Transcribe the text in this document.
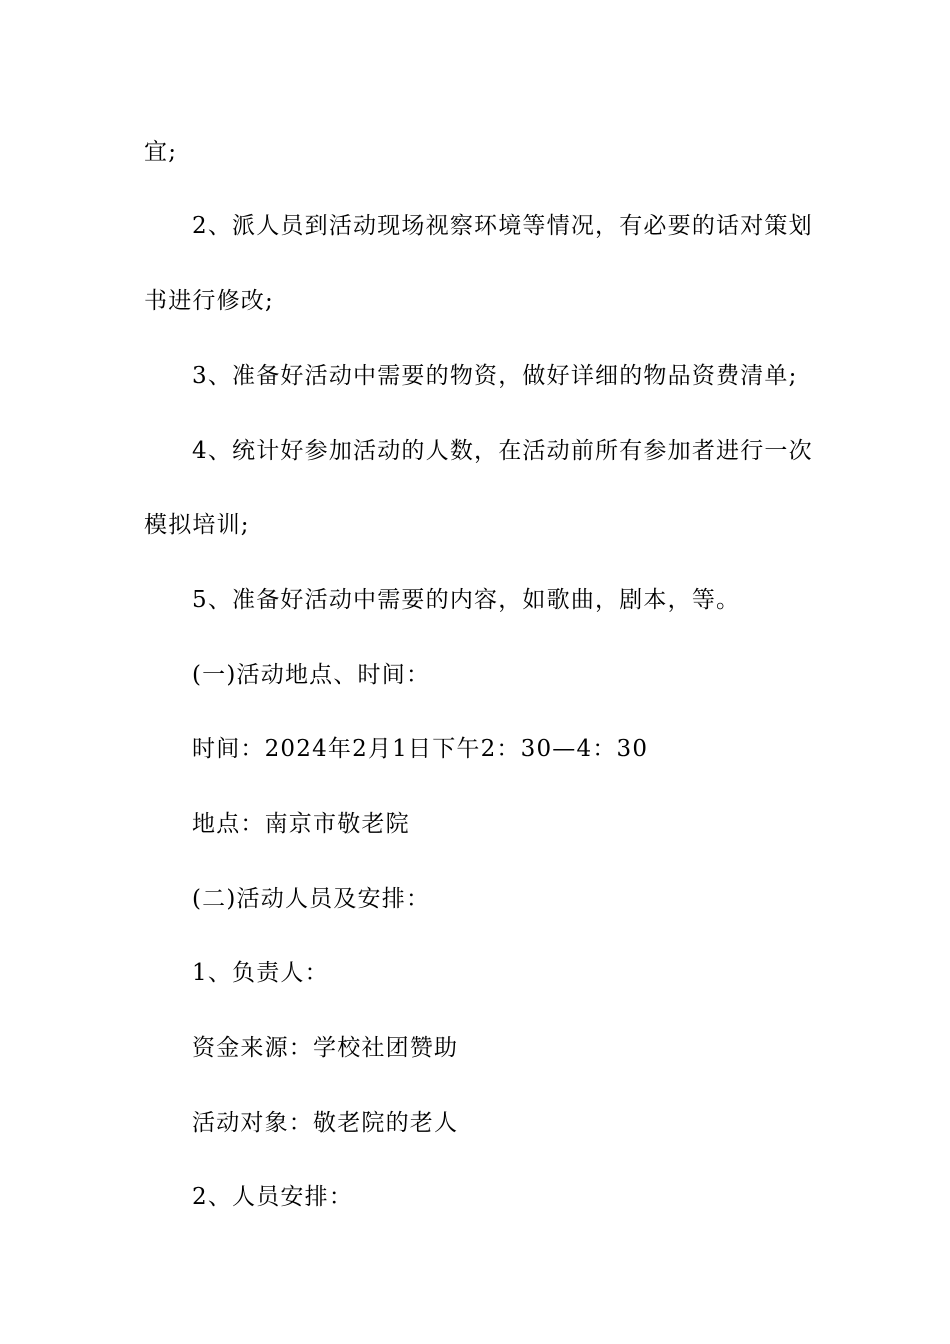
宜;
2、派人员到活动现场视察环境等情况，有必要的话对策划
书进行修改;
3、准备好活动中需要的物资，做好详细的物品资费清单;
4、统计好参加活动的人数，在活动前所有参加者进行一次
模拟培训;
5、准备好活动中需要的内容，如歌曲，剧本，等。
(一)活动地点、时间：
时间：2024年2月1日下午2：30—4：30
地点：南京市敬老院
(二)活动人员及安排：
1、负责人：
资金来源：学校社团赞助
活动对象：敬老院的老人
2、人员安排：
